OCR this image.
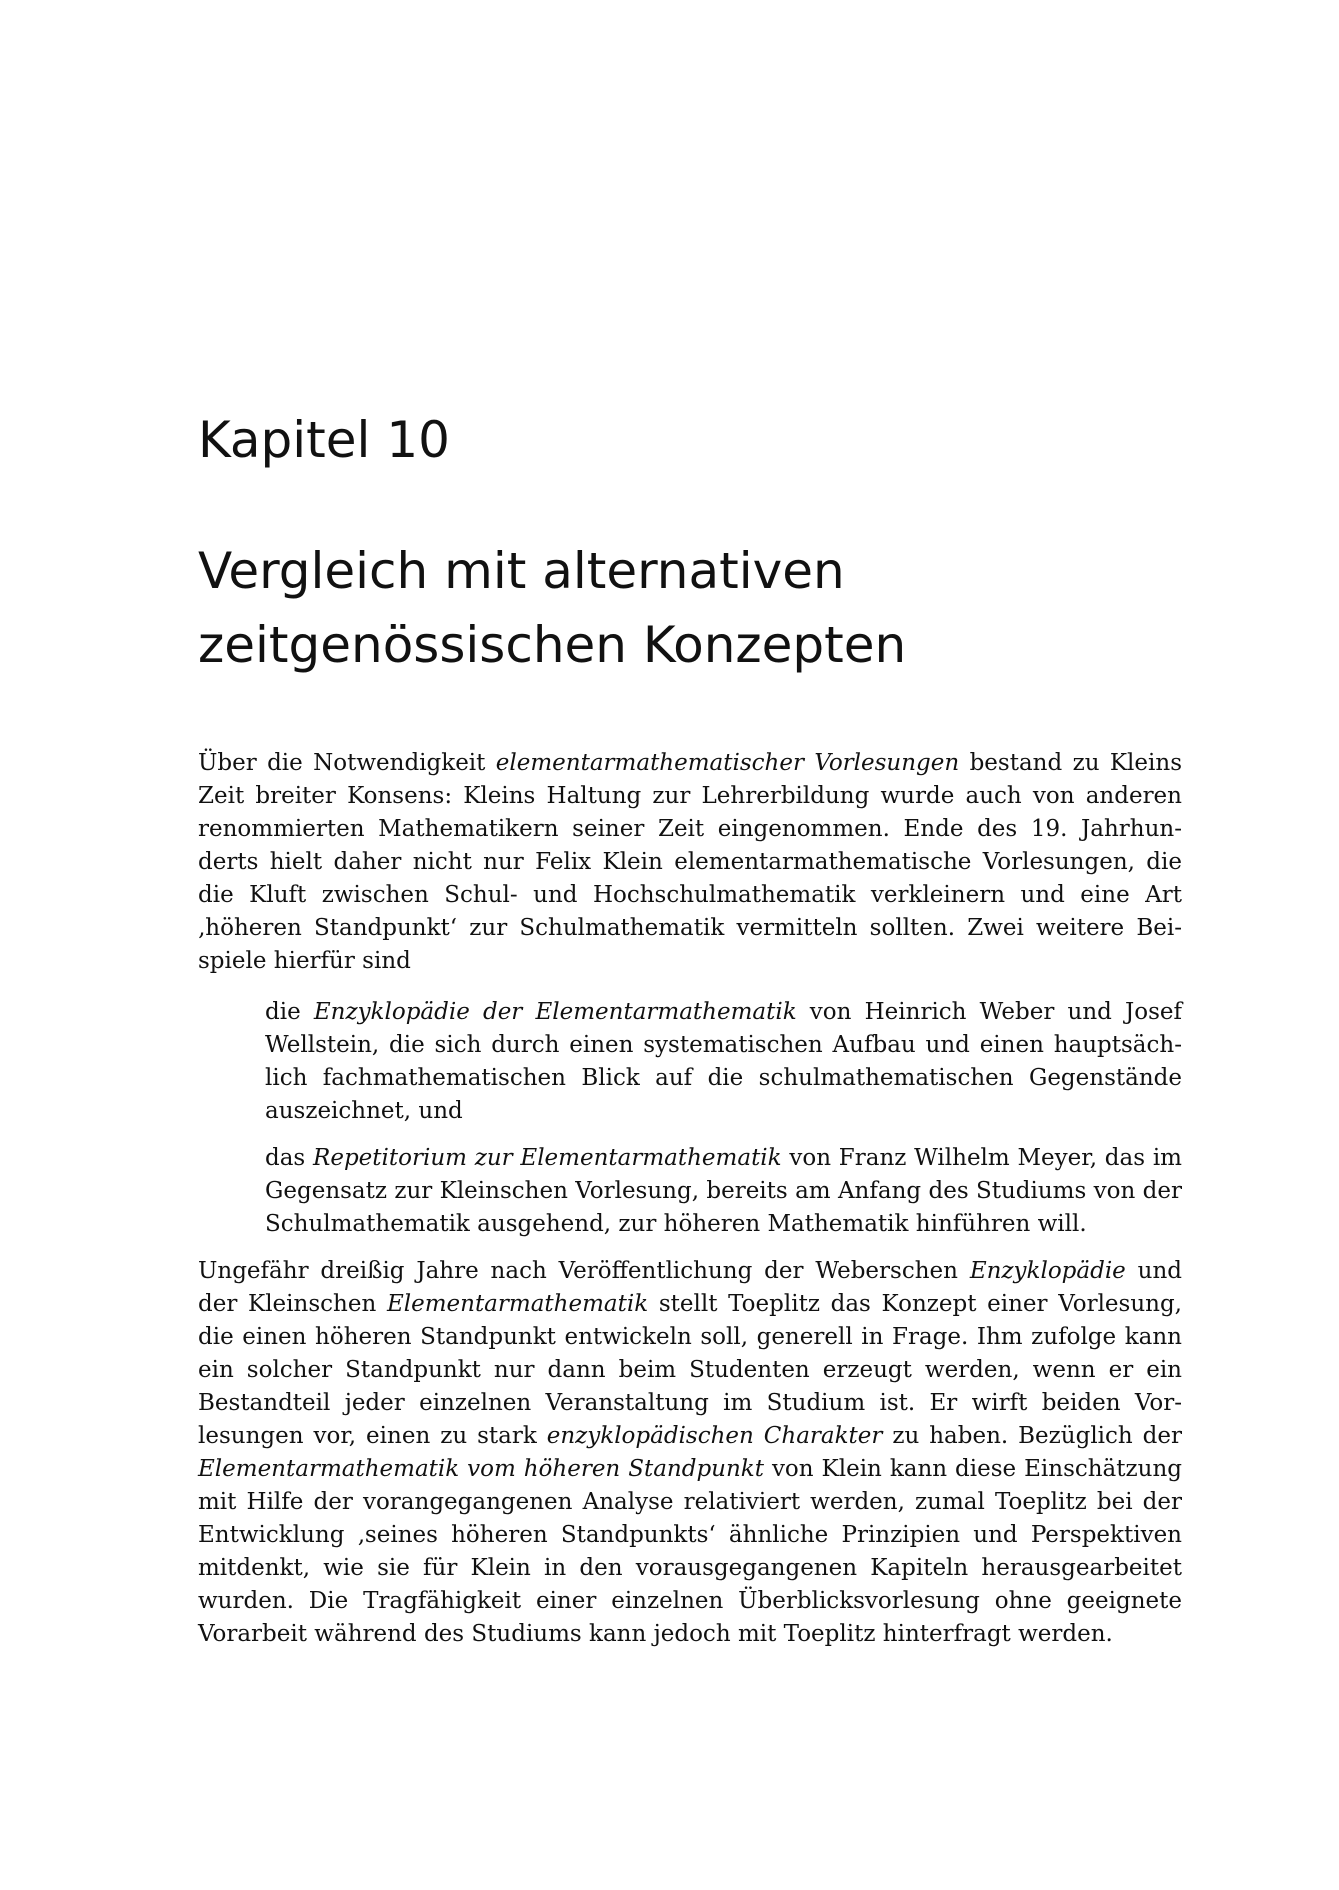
Kapitel 10
Vergleich mit alternativen
zeitgenössischen Konzepten

Über die Notwendigkeit elementarmathematischer Vorlesungen bestand zu Kleins Zeit breiter Konsens: Kleins Haltung zur Lehrerbildung wurde auch von anderen renommierten Mathematikern seiner Zeit eingenommen. Ende des 19. Jahrhunderts hielt daher nicht nur Felix Klein elementarmathematische Vorlesungen, die die Kluft zwischen Schul- und Hochschulmathematik verkleinern und eine Art ‚höheren Standpunkt‘ zur Schulmathematik vermitteln sollten. Zwei weitere Beispiele hierfür sind

die Enzyklopädie der Elementarmathematik von Heinrich Weber und Josef Wellstein, die sich durch einen systematischen Aufbau und einen hauptsächlich fachmathematischen Blick auf die schulmathematischen Gegenstände auszeichnet, und
das Repetitorium zur Elementarmathematik von Franz Wilhelm Meyer, das im Gegensatz zur Kleinschen Vorlesung, bereits am Anfang des Studiums von der Schulmathematik ausgehend, zur höheren Mathematik hinführen will.

Ungefähr dreißig Jahre nach Veröffentlichung der Weberschen Enzyklopädie und der Kleinschen Elementarmathematik stellt Toeplitz das Konzept einer Vorlesung, die einen höheren Standpunkt entwickeln soll, generell in Frage. Ihm zufolge kann ein solcher Standpunkt nur dann beim Studenten erzeugt werden, wenn er ein Bestandteil jeder einzelnen Veranstaltung im Studium ist. Er wirft beiden Vorlesungen vor, einen zu stark enzyklopädischen Charakter zu haben. Bezüglich der Elementarmathematik vom höheren Standpunkt von Klein kann diese Einschätzung mit Hilfe der vorangegangenen Analyse relativiert werden, zumal Toeplitz bei der Entwicklung ‚seines höheren Standpunkts‘ ähnliche Prinzipien und Perspektiven mitdenkt, wie sie für Klein in den vorausgegangenen Kapiteln herausgearbeitet wurden. Die Tragfähigkeit einer einzelnen Überblicksvorlesung ohne geeignete Vorarbeit während des Studiums kann jedoch mit Toeplitz hinterfragt werden.
